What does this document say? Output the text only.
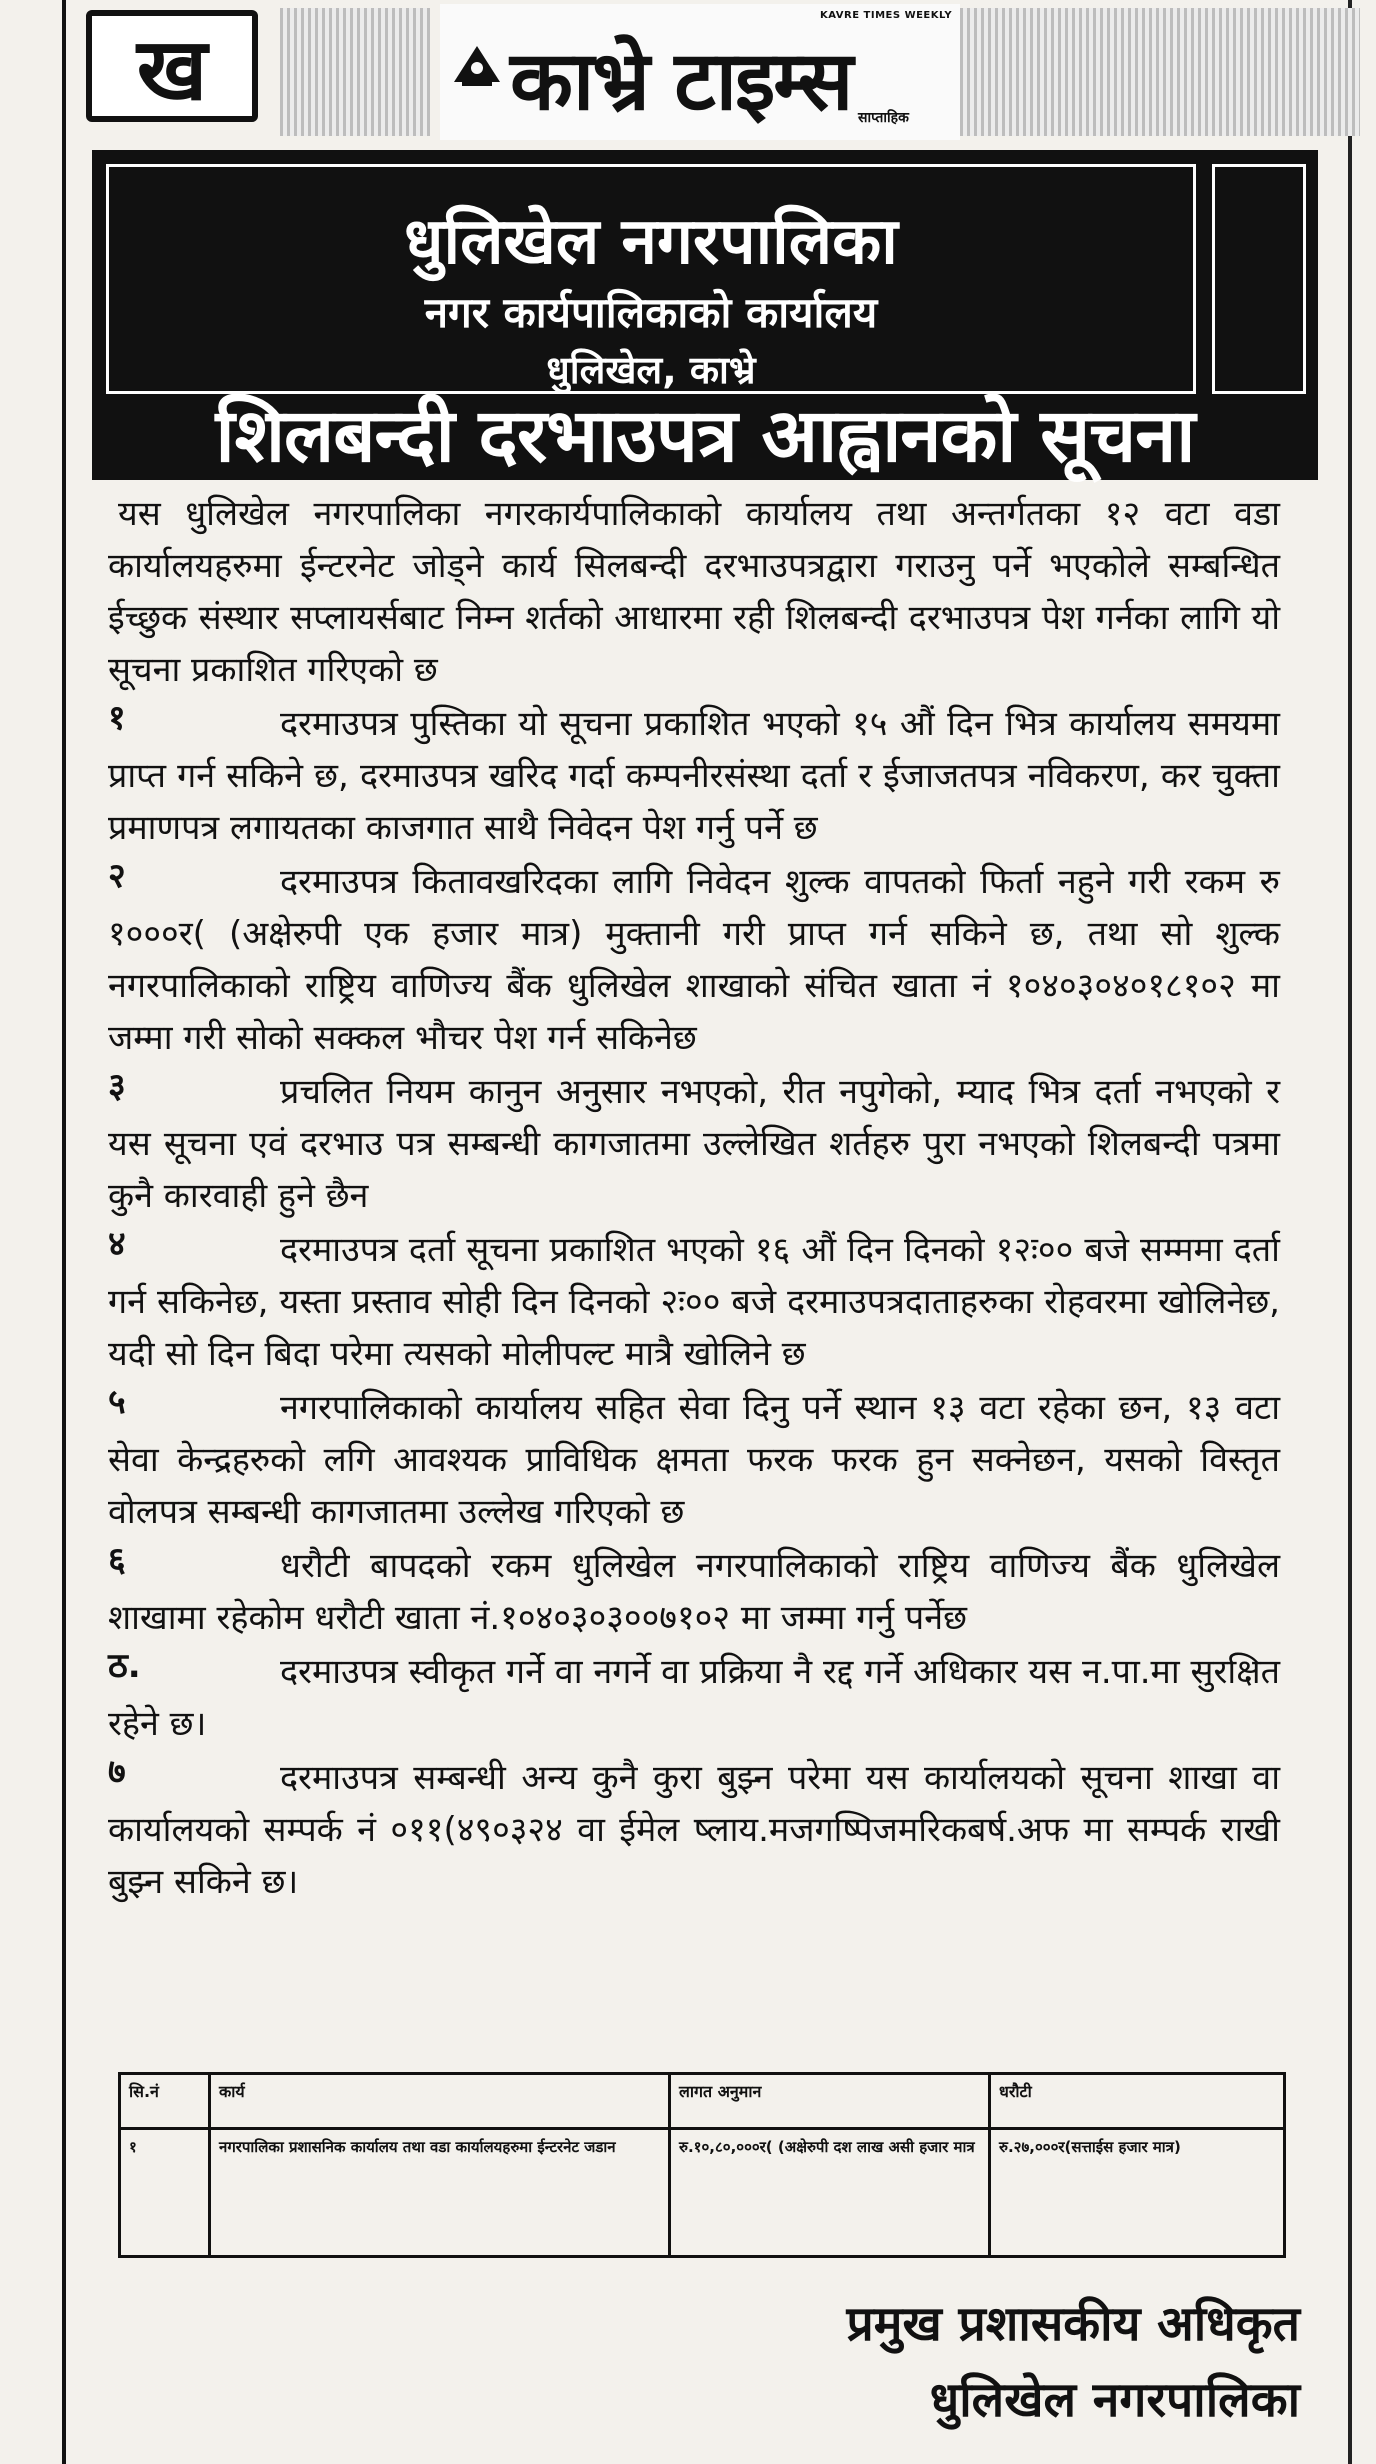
ख
KAVRE TIMES WEEKLY
काभ्रे टाइम्स साप्ताहिक
धुलिखेल नगरपालिका
नगर कार्यपालिकाको कार्यालय
धुलिखेल, काभ्रे
शिलबन्दी दरभाउपत्र आह्वानको सूचना

यस धुलिखेल नगरपालिका नगरकार्यपालिकाको कार्यालय तथा अन्तर्गतका १२ वटा वडा कार्यालयहरुमा ईन्टरनेट जोड्ने कार्य सिलबन्दी दरभाउपत्रद्वारा गराउनु पर्ने भएकोले सम्बन्धित ईच्छुक संस्थार सप्लायर्सबाट निम्न शर्तको आधारमा रही शिलबन्दी दरभाउपत्र पेश गर्नका लागि यो सूचना प्रकाशित गरिएको छ

१	दरमाउपत्र पुस्तिका यो सूचना प्रकाशित भएको १५ औं दिन भित्र कार्यालय समयमा प्राप्त गर्न सकिने छ, दरमाउपत्र खरिद गर्दा कम्पनीरसंस्था दर्ता र ईजाजतपत्र नविकरण, कर चुक्ता प्रमाणपत्र लगायतका काजगात साथै निवेदन पेश गर्नु पर्ने छ
२	दरमाउपत्र कितावखरिदका लागि निवेदन शुल्क वापतको फिर्ता नहुने गरी रकम रु १०००र( (अक्षेरुपी एक हजार मात्र) मुक्तानी गरी प्राप्त गर्न सकिने छ, तथा सो शुल्क नगरपालिकाको राष्ट्रिय वाणिज्य बैंक धुलिखेल शाखाको संचित खाता नं १०४०३०४०१८१०२ मा जम्मा गरी सोको सक्कल भौचर पेश गर्न सकिनेछ
३	प्रचलित नियम कानुन अनुसार नभएको, रीत नपुगेको, म्याद भित्र दर्ता नभएको र यस सूचना एवं दरभाउ पत्र सम्बन्धी कागजातमा उल्लेखित शर्तहरु पुरा नभएको शिलबन्दी पत्रमा कुनै कारवाही हुने छैन
४	दरमाउपत्र दर्ता सूचना प्रकाशित भएको १६ औं दिन दिनको १२ः०० बजे सम्ममा दर्ता गर्न सकिनेछ, यस्ता प्रस्ताव सोही दिन दिनको २ः०० बजे दरमाउपत्रदाताहरुका रोहवरमा खोलिनेछ, यदी सो दिन बिदा परेमा त्यसको मोलीपल्ट मात्रै खोलिने छ
५	नगरपालिकाको कार्यालय सहित सेवा दिनु पर्ने स्थान १३ वटा रहेका छन, १३ वटा सेवा केन्द्रहरुको लगि आवश्यक प्राविधिक क्षमता फरक फरक हुन सक्नेछन, यसको विस्तृत वोलपत्र सम्बन्धी कागजातमा उल्लेख गरिएको छ
६	धरौटी बापदको रकम धुलिखेल नगरपालिकाको राष्ट्रिय वाणिज्य बैंक धुलिखेल शाखामा रहेकोम धरौटी खाता नं.१०४०३०३००७१०२ मा जम्मा गर्नु पर्नेछ
ठ.	दरमाउपत्र स्वीकृत गर्ने वा नगर्ने वा प्रक्रिया नै रद्द गर्ने अधिकार यस न.पा.मा सुरक्षित रहेने छ।
७	दरमाउपत्र सम्बन्धी अन्य कुनै कुरा बुझ्न परेमा यस कार्यालयको सूचना शाखा वा कार्यालयको सम्पर्क नं ०११(४९०३२४ वा ईमेल ष्लाय.मजगष्पिजमरिकबर्ष.अफ मा सम्पर्क राखी बुझ्न सकिने छ।
सि.नं	कार्य	लागत अनुमान	धरौटी
१	नगरपालिका प्रशासनिक कार्यालय तथा वडा कार्यालयहरुमा ईन्टरनेट जडान	रु.१०,८०,०००र( (अक्षेरुपी दश लाख असी हजार मात्र	रु.२७,०००र(सत्ताईस हजार मात्र)
प्रमुख प्रशासकीय अधिकृत
धुलिखेल नगरपालिका
